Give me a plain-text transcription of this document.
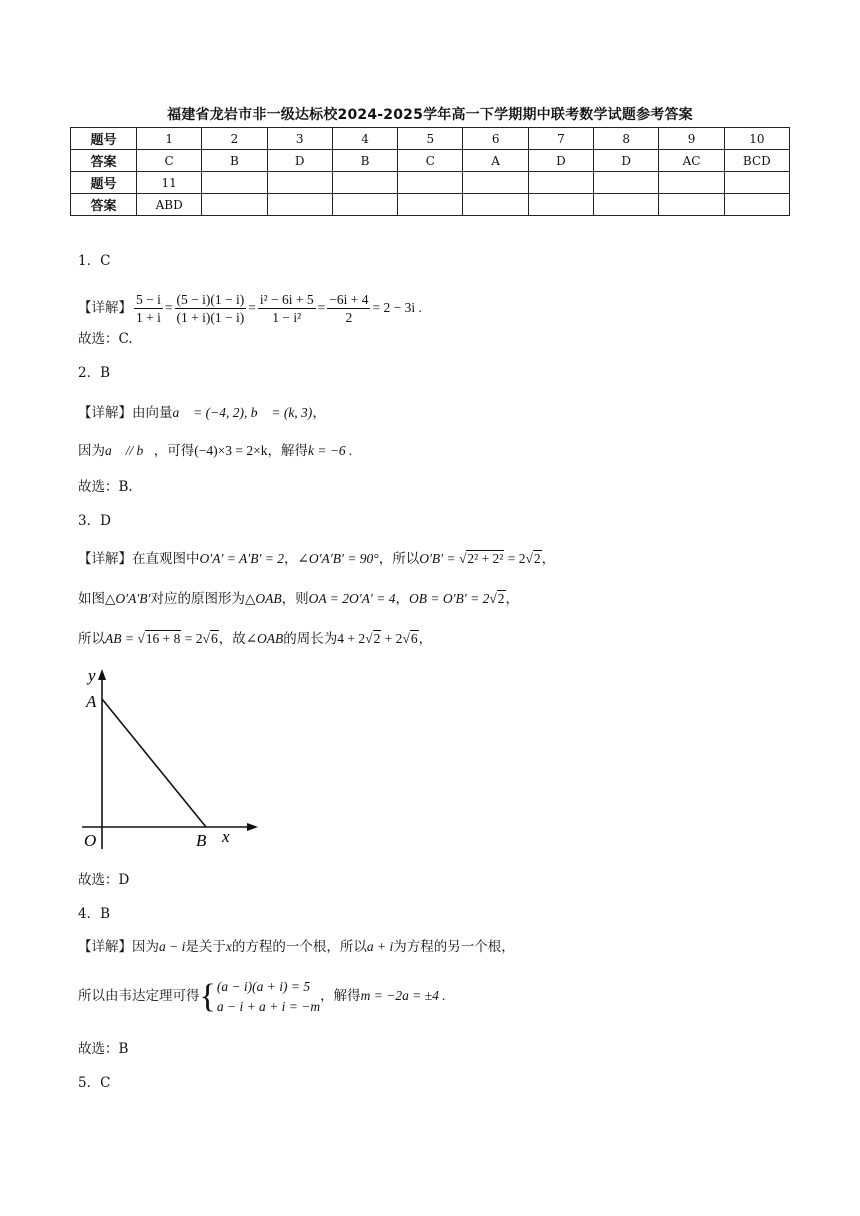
福建省龙岩市非一级达标校2024-2025学年高一下学期期中联考数学试题参考答案
题号	1	2	3	4	5	6	7	8	9	10
答案	C	B	D	B	C	A	D	D	AC	BCD
题号	11									
答案	ABD									
1．C
【详解】 $\frac{5 - i}{1 + i} = \frac{(5 - i)(1 - i)}{(1 + i)(1 - i)} = \frac{\text{i² − 6i + 5}}{\text{1 − i²}} = \frac{-6i + 4}{2} = 2 - 3i$ .
故选：C.
2．B
【详解】由向量a⃗ = (−4, 2), b⃗ = (k, 3)，
因为a⃗ // b⃗，可得(−4)×3 = 2×k，解得k = −6 .
故选：B.
3．D
【详解】在直观图中O′A′ = A′B′ = 2，∠O′A′B′ = 90°，所以O′B′ = √2² + 2² = 2√2，
如图△O′A′B′对应的原图形为△OAB，则OA = 2O′A′ = 4，OB = O′B′ = 2√2，
所以AB = √16 + 8 = 2√6，故∠OAB的周长为4 + 2√2 + 2√6，
y
A
O	B x
故选：D
4．B
【详解】因为a − i是关于x的方程的一个根，所以a + i为方程的另一个根，
所以由韦达定理可得{ (a − i)(a + i) = 5
a − i + a + i = −m
，解得m = −2a = ±4 .
故选：B
5．C
